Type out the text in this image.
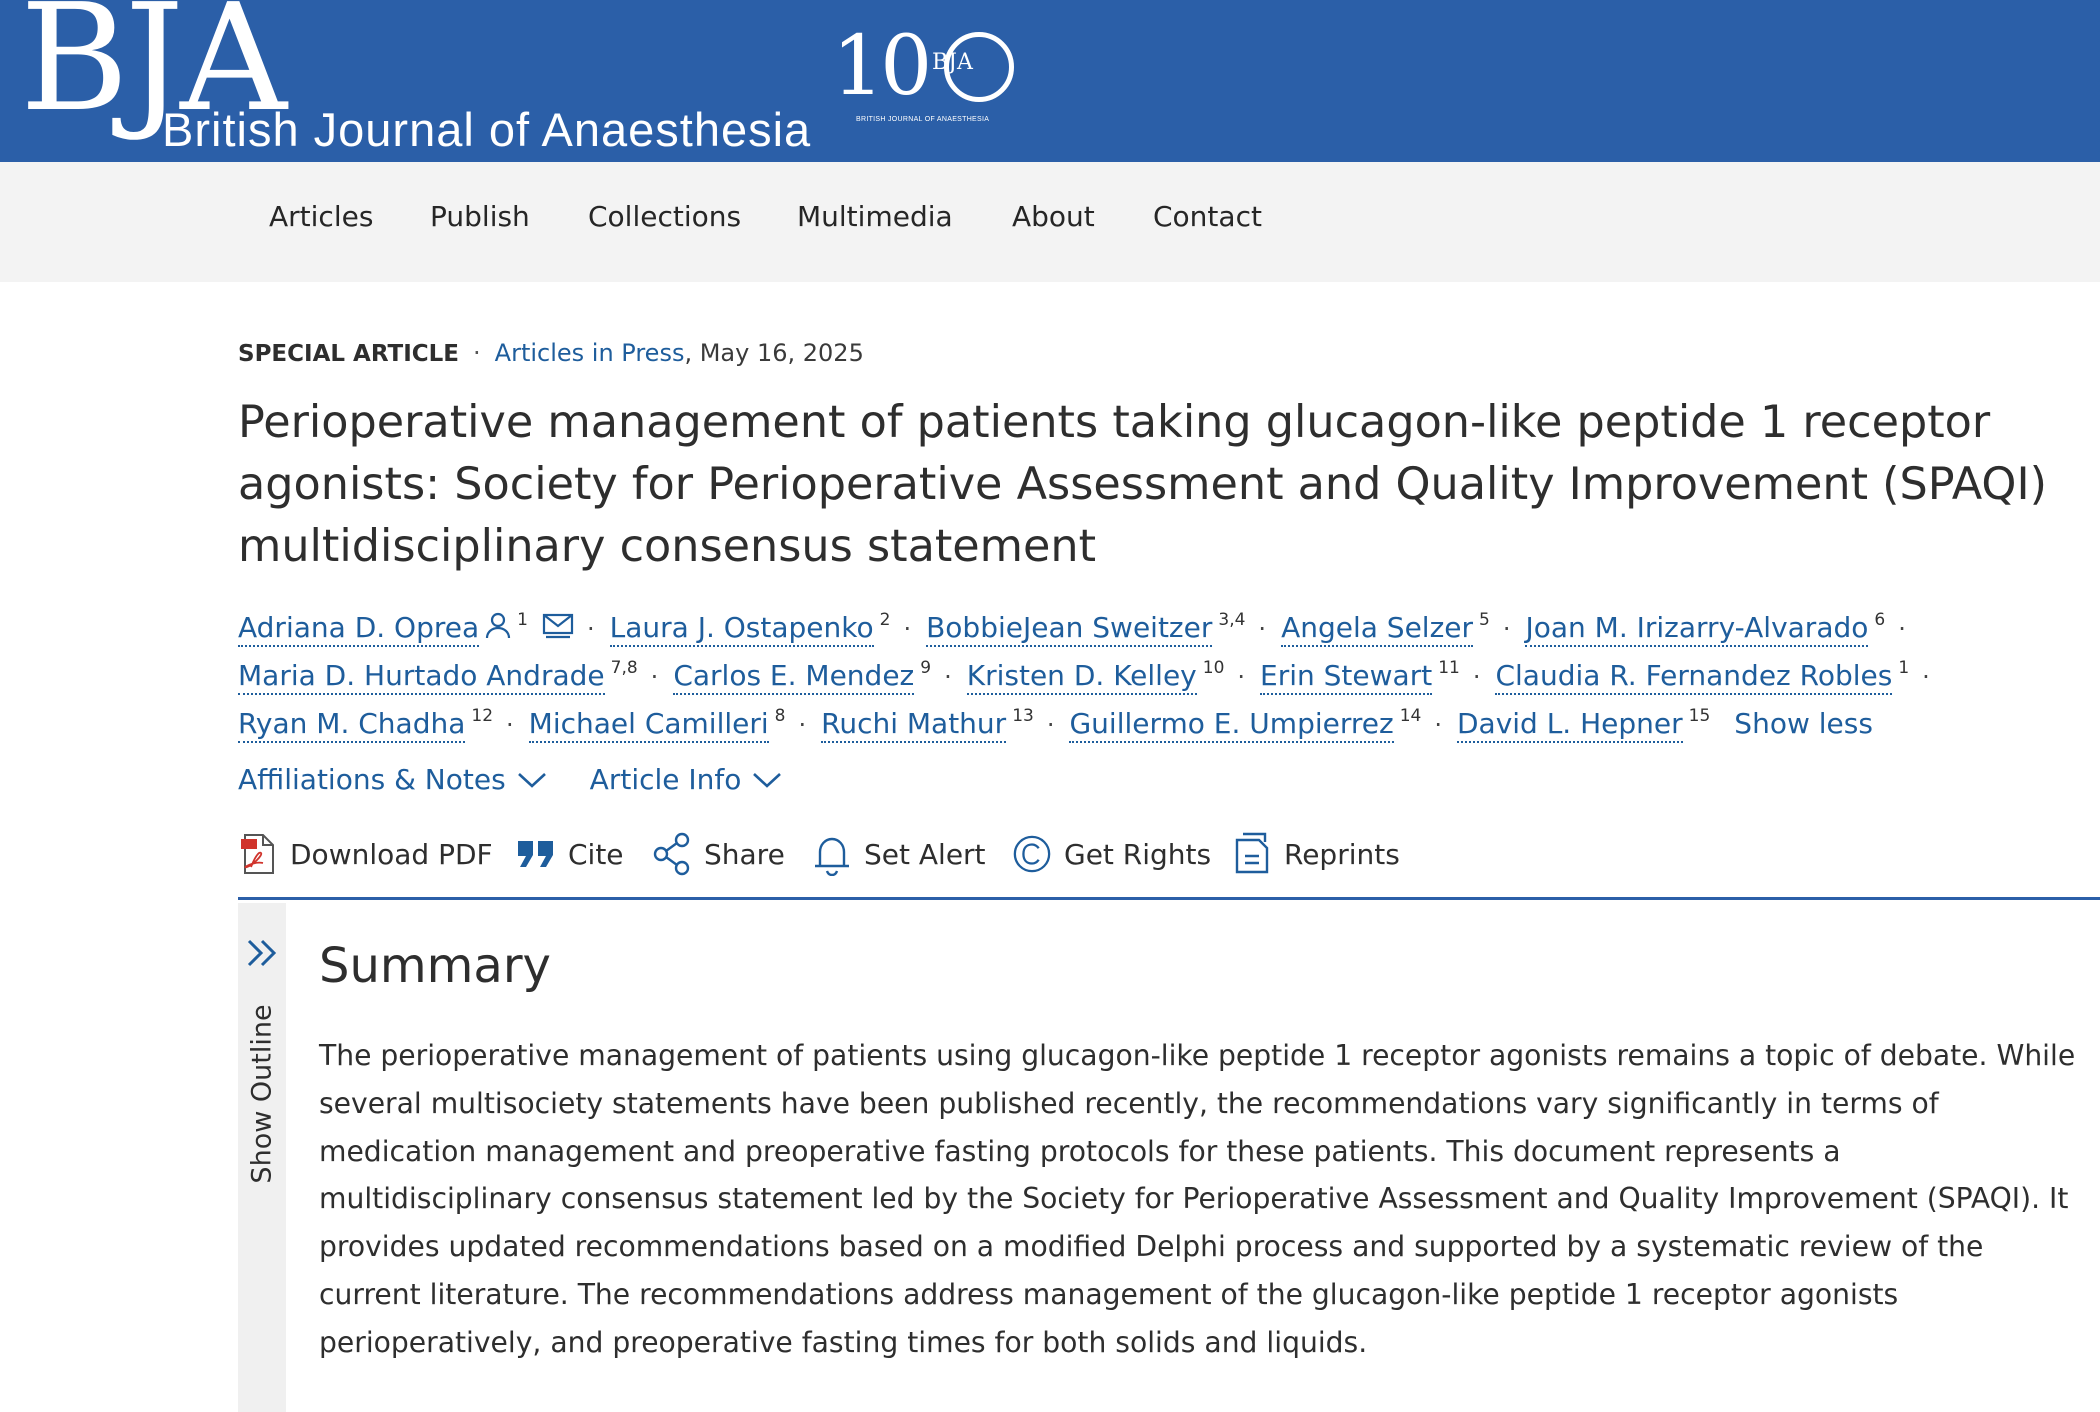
BJA
British Journal of Anaesthesia
10 BJA
BRITISH JOURNAL OF ANAESTHESIA
Articles Publish Collections Multimedia About Contact
SPECIAL ARTICLE · Articles in Press, May 16, 2025
Perioperative management of patients taking glucagon-like peptide 1 receptor agonists: Society for Perioperative Assessment and Quality Improvement (SPAQI) multidisciplinary consensus statement
Adriana D. Oprea $^1$ · Laura J. Ostapenko $^2$ · BobbieJean Sweitzer $^{3,4}$ · Angela Selzer $^5$ · Joan M. Irizarry-Alvarado $^6$ ·
Maria D. Hurtado Andrade $^{7,8}$ · Carlos E. Mendez $^9$ · Kristen D. Kelley $^{10}$ · Erin Stewart $^{11}$ · Claudia R. Fernandez Robles $^1$ ·
Ryan M. Chadha $^{12}$ · Michael Camilleri $^8$ · Ruchi Mathur $^{13}$ · Guillermo E. Umpierrez $^{14}$ · David L. Hepner $^{15}$ Show less
Affiliations & Notes	Article Info
Download PDF	Cite	Share	Set Alert	Get Rights	Reprints
Show Outline
Summary

The perioperative management of patients using glucagon-like peptide 1 receptor agonists remains a topic of debate. While several multisociety statements have been published recently, the recommendations vary significantly in terms of medication management and preoperative fasting protocols for these patients. This document represents a multidisciplinary consensus statement led by the Society for Perioperative Assessment and Quality Improvement (SPAQI). It provides updated recommendations based on a modified Delphi process and supported by a systematic review of the current literature. The recommendations address management of the glucagon-like peptide 1 receptor agonists perioperatively, and preoperative fasting times for both solids and liquids.
